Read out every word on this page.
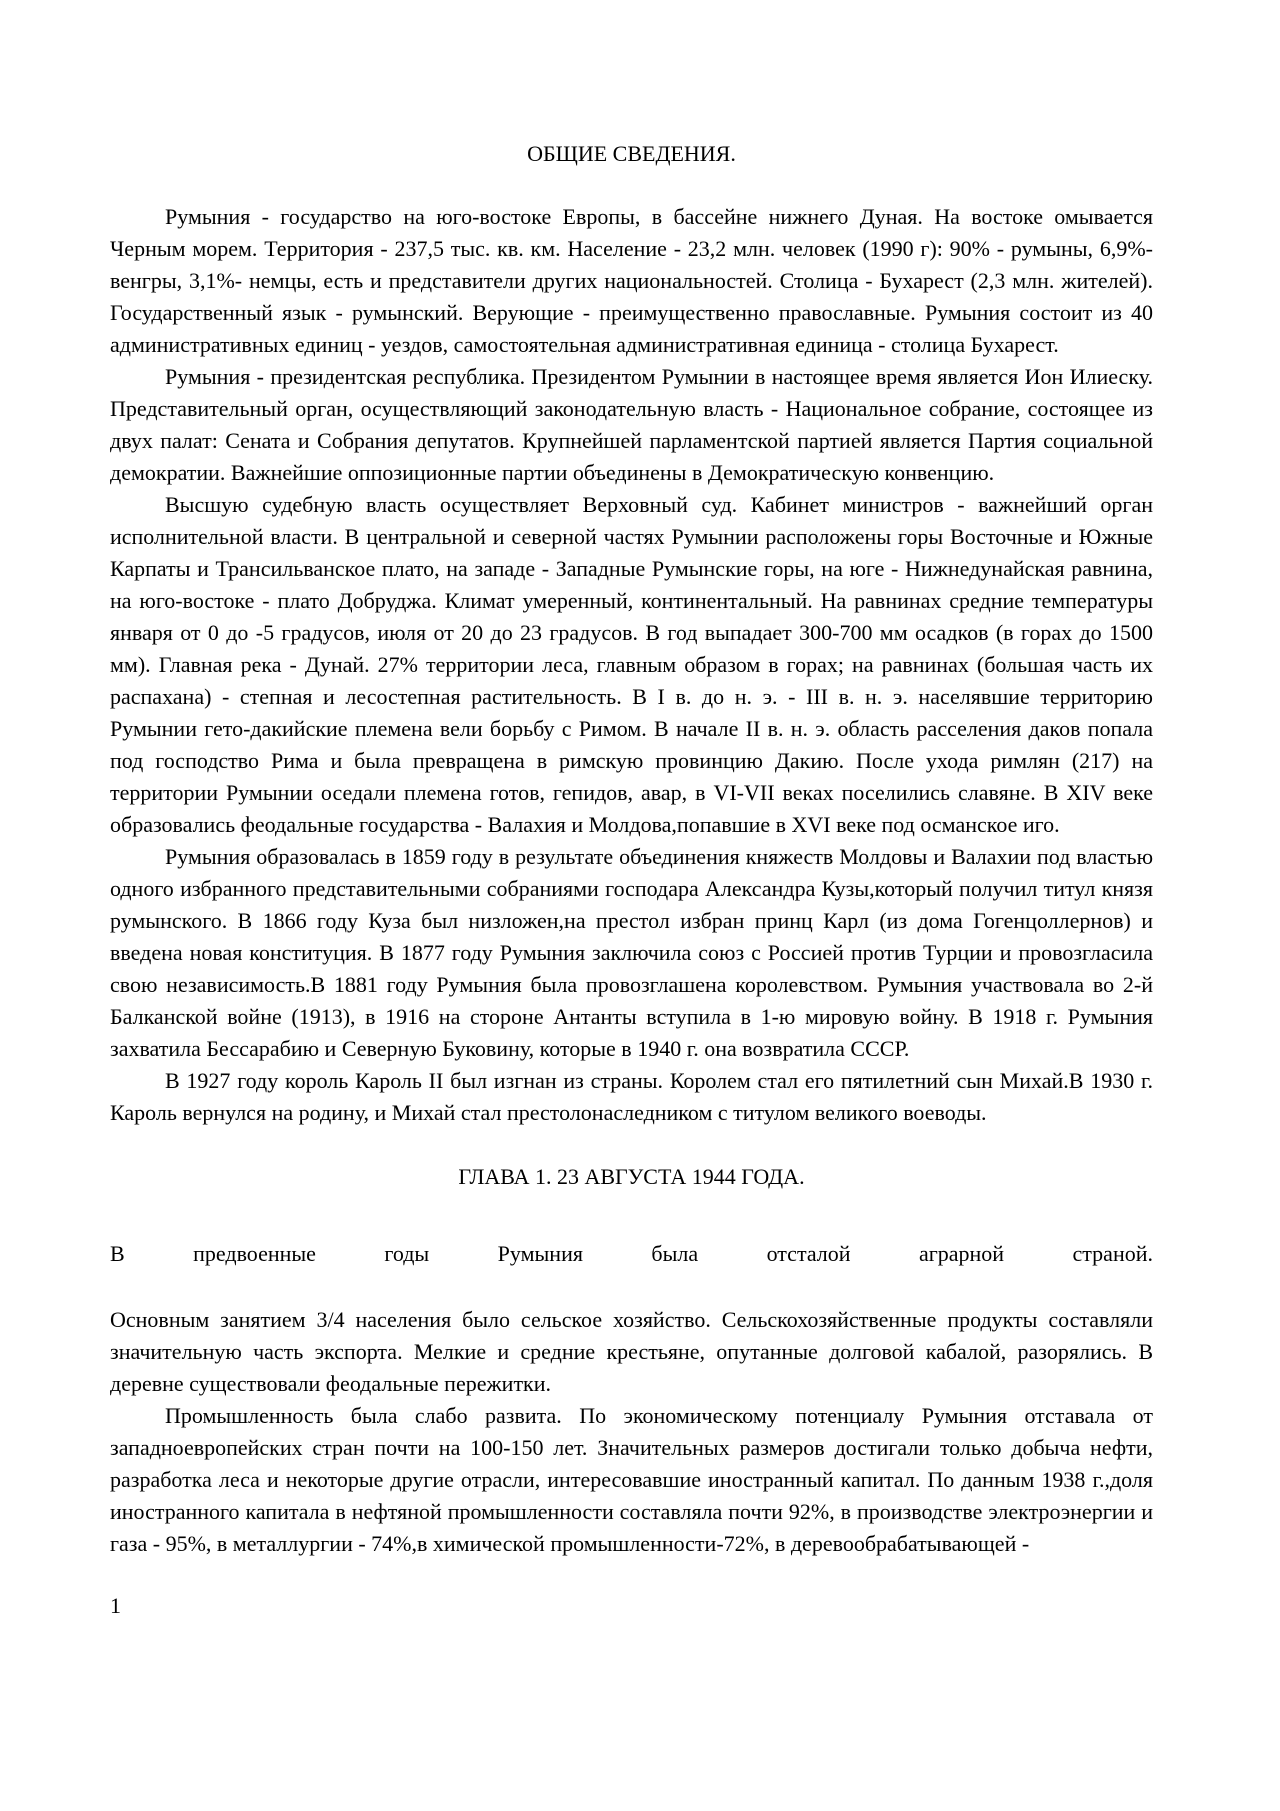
ОБЩИЕ СВЕДЕНИЯ.

Румыния - государство на юго-востоке Европы, в бассейне нижнего Дуная. На востоке омывается Черным морем. Территория - 237,5 тыс. кв. км. Население - 23,2 млн. человек (1990 г): 90% - румыны, 6,9%- венгры, 3,1%- немцы, есть и представители других национальностей. Столица - Бухарест (2,3 млн. жителей). Государственный язык - румынский. Верующие - преимущественно православные. Румыния состоит из 40 административных единиц - уездов, самостоятельная административная единица - столица Бухарест.

Румыния - президентская республика. Президентом Румынии в настоящее время является Ион Илиеску. Представительный орган, осуществляющий законодательную власть - Национальное собрание, состоящее из двух палат: Сената и Собрания депутатов. Крупнейшей парламентской партией является Партия социальной демократии. Важнейшие оппозиционные партии объединены в Демократическую конвенцию.

Высшую судебную власть осуществляет Верховный суд. Кабинет министров - важнейший орган исполнительной власти. В центральной и северной частях Румынии расположены горы Восточные и Южные Карпаты и Трансильванское плато, на западе - Западные Румынские горы, на юге - Нижнедунайская равнина, на юго-востоке - плато Добруджа. Климат умеренный, континентальный. На равнинах средние температуры января от 0 до -5 градусов, июля от 20 до 23 градусов. В год выпадает 300-700 мм осадков (в горах до 1500 мм). Главная река - Дунай. 27% территории леса, главным образом в горах; на равнинах (большая часть их распахана) - степная и лесостепная растительность. В I в. до н. э. - III в. н. э. населявшие территорию Румынии гето-дакийские племена вели борьбу с Римом. В начале II в. н. э. область расселения даков попала под господство Рима и была превращена в римскую провинцию Дакию. После ухода римлян (217) на территории Румынии оседали племена готов, гепидов, авар, в VI-VII веках поселились славяне. В XIV веке образовались феодальные государства - Валахия и Молдова,попавшие в XVI веке под османское иго.

Румыния образовалась в 1859 году в результате объединения княжеств Молдовы и Валахии под властью одного избранного представительными собраниями господара Александра Кузы,который получил титул князя румынского. В 1866 году Куза был низложен,на престол избран принц Карл (из дома Гогенцоллернов) и введена новая конституция. В 1877 году Румыния заключила союз с Россией против Турции и провозгласила свою независимость.В 1881 году Румыния была провозглашена королевством. Румыния участвовала во 2-й Балканской войне (1913), в 1916 на стороне Антанты вступила в 1-ю мировую войну. В 1918 г. Румыния захватила Бессарабию и Северную Буковину, которые в 1940 г. она возвратила СССР.

В 1927 году король Кароль II был изгнан из страны. Королем стал его пятилетний сын Михай.В 1930 г. Кароль вернулся на родину, и Михай стал престолонаследником с титулом великого воеводы.

ГЛАВА 1. 23 АВГУСТА 1944 ГОДА.

В предвоенные годы Румыния была отсталой аграрной страной.

Основным занятием 3/4 населения было сельское хозяйство. Сельскохозяйственные продукты составляли значительную часть экспорта. Мелкие и средние крестьяне, опутанные долговой кабалой, разорялись. В деревне существовали феодальные пережитки.

Промышленность была слабо развита. По экономическому потенциалу Румыния отставала от западноевропейских стран почти на 100-150 лет. Значительных размеров достигали только добыча нефти, разработка леса и некоторые другие отрасли, интересовавшие иностранный капитал. По данным 1938 г.,доля иностранного капитала в нефтяной промышленности составляла почти 92%, в производстве электроэнергии и газа - 95%, в металлургии - 74%,в химической промышленности-72%, в деревообрабатывающей -

1
